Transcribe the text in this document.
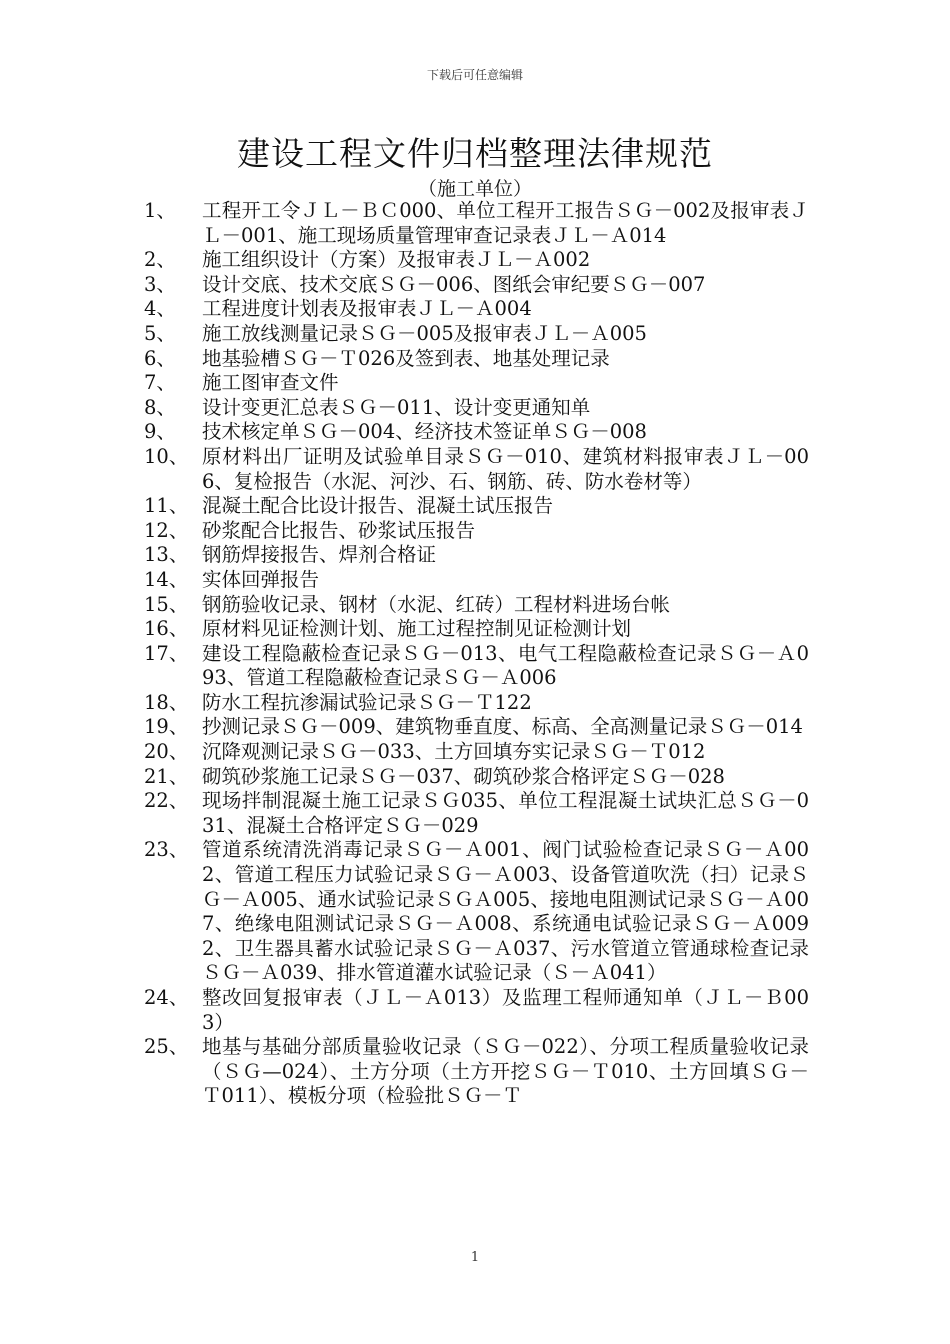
下载后可任意编辑
建设工程文件归档整理法律规范
（施工单位）
1、	工程开工令ＪＬ－ＢＣ000、单位工程开工报告ＳＧ－002及报审表ＪＬ－001、施工现场质量管理审查记录表ＪＬ－Ａ014
2、	施工组织设计（方案）及报审表ＪＬ－Ａ002
3、	设计交底、技术交底ＳＧ－006、图纸会审纪要ＳＧ－007
4、	工程进度计划表及报审表ＪＬ－Ａ004
5、	施工放线测量记录ＳＧ－005及报审表ＪＬ－Ａ005
6、	地基验槽ＳＧ－Ｔ026及签到表、地基处理记录
7、	施工图审查文件
8、	设计变更汇总表ＳＧ－011、设计变更通知单
9、	技术核定单ＳＧ－004、经济技术签证单ＳＧ－008
10、 原材料出厂证明及试验单目录ＳＧ－010、建筑材料报审表ＪＬ－006、复检报告（水泥、河沙、石、钢筋、砖、防水卷材等）
11、 混凝土配合比设计报告、混凝土试压报告
12、 砂浆配合比报告、砂浆试压报告
13、 钢筋焊接报告、焊剂合格证
14、 实体回弹报告
15、 钢筋验收记录、钢材（水泥、红砖）工程材料进场台帐
16、 原材料见证检测计划、施工过程控制见证检测计划
17、 建设工程隐蔽检查记录ＳＧ－013、电气工程隐蔽检查记录ＳＧ－Ａ093、管道工程隐蔽检查记录ＳＧ－Ａ006
18、 防水工程抗渗漏试验记录ＳＧ－Ｔ122
19、 抄测记录ＳＧ－009、建筑物垂直度、标高、全高测量记录ＳＧ－014
20、 沉降观测记录ＳＧ－033、土方回填夯实记录ＳＧ－Ｔ012
21、 砌筑砂浆施工记录ＳＧ－037、砌筑砂浆合格评定ＳＧ－028
22、 现场拌制混凝土施工记录ＳＧ035、单位工程混凝土试块汇总ＳＧ－031、混凝土合格评定ＳＧ－029
23、 管道系统清洗消毒记录ＳＧ－Ａ001、阀门试验检查记录ＳＧ－Ａ002、管道工程压力试验记录ＳＧ－Ａ003、设备管道吹洗（扫）记录ＳＧ－Ａ005、通水试验记录ＳＧＡ005、接地电阻测试记录ＳＧ－Ａ007、绝缘电阻测试记录ＳＧ－Ａ008、系统通电试验记录ＳＧ－Ａ0092、卫生器具蓄水试验记录ＳＧ－Ａ037、污水管道立管通球检查记录ＳＧ－Ａ039、排水管道灌水试验记录（Ｓ－Ａ041）
24、 整改回复报审表（ＪＬ－Ａ013）及监理工程师通知单（ＪＬ－Ｂ003）
25、 地基与基础分部质量验收记录（ＳＧ－022）、分项工程质量验收记录（ＳＧ—024）、土方分项（土方开挖ＳＧ－Ｔ010、土方回填ＳＧ－Ｔ011）、模板分项（检验批ＳＧ－Ｔ
1
